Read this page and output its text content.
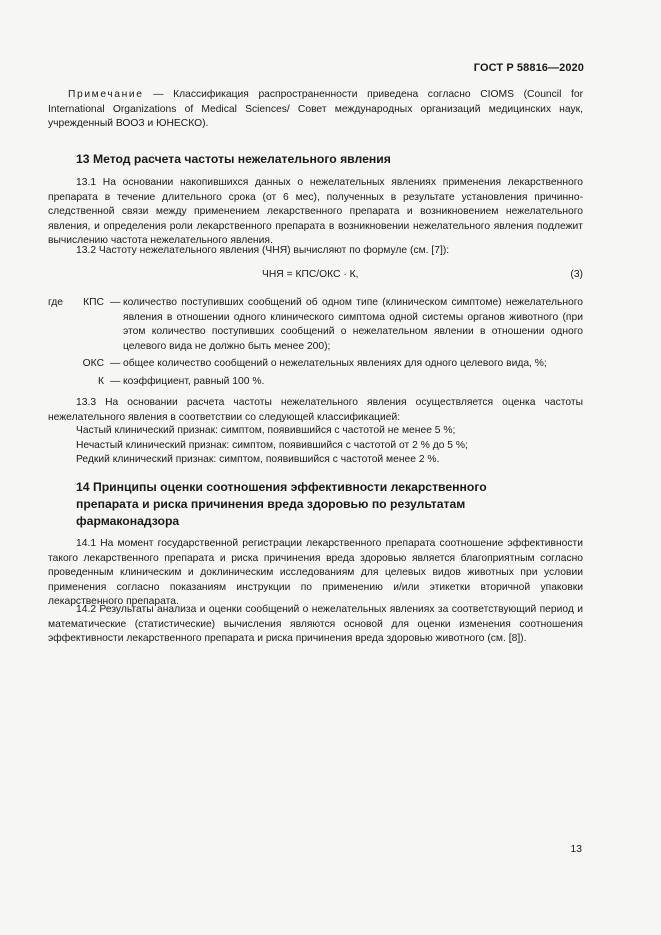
ГОСТ Р 58816—2020
Примечание — Классификация распространенности приведена согласно CIOMS (Council for International Organizations of Medical Sciences/ Совет международных организаций медицинских наук, учрежденный ВООЗ и ЮНЕСКО).
13 Метод расчета частоты нежелательного явления
13.1 На основании накопившихся данных о нежелательных явлениях применения лекарственного препарата в течение длительного срока (от 6 мес), полученных в результате установления причинно-следственной связи между применением лекарственного препарата и возникновением нежелательного явления, и определения роли лекарственного препарата в возникновении нежелательного явления подлежит вычислению частота нежелательного явления.
13.2 Частоту нежелательного явления (ЧНЯ) вычисляют по формуле (см. [7]):
ЧНЯ = КПС/ОКС · К,	(3)
где	КПС — количество поступивших сообщений об одном типе (клиническом симптоме) нежелательного явления в отношении одного клинического симптома одной системы органов животного (при этом количество поступивших сообщений о нежелательном явлении в отношении одного целевого вида не должно быть менее 200);
ОКС — общее количество сообщений о нежелательных явлениях для одного целевого вида, %;
К — коэффициент, равный 100 %.
13.3 На основании расчета частоты нежелательного явления осуществляется оценка частоты нежелательного явления в соответствии со следующей классификацией:
Частый клинический признак: симптом, появившийся с частотой не менее 5 %;
Нечастый клинический признак: симптом, появившийся с частотой от 2 % до 5 %;
Редкий клинический признак: симптом, появившийся с частотой менее 2 %.
14 Принципы оценки соотношения эффективности лекарственного
препарата и риска причинения вреда здоровью по результатам
фармаконадзора
14.1 На момент государственной регистрации лекарственного препарата соотношение эффективности такого лекарственного препарата и риска причинения вреда здоровью является благоприятным согласно проведенным клиническим и доклиническим исследованиям для целевых видов животных при условии применения согласно показаниям инструкции по применению и/или этикетки вторичной упаковки лекарственного препарата.
14.2 Результаты анализа и оценки сообщений о нежелательных явлениях за соответствующий период и математические (статистические) вычисления являются основой для оценки изменения соотношения эффективности лекарственного препарата и риска причинения вреда здоровью животного (см. [8]).
13
